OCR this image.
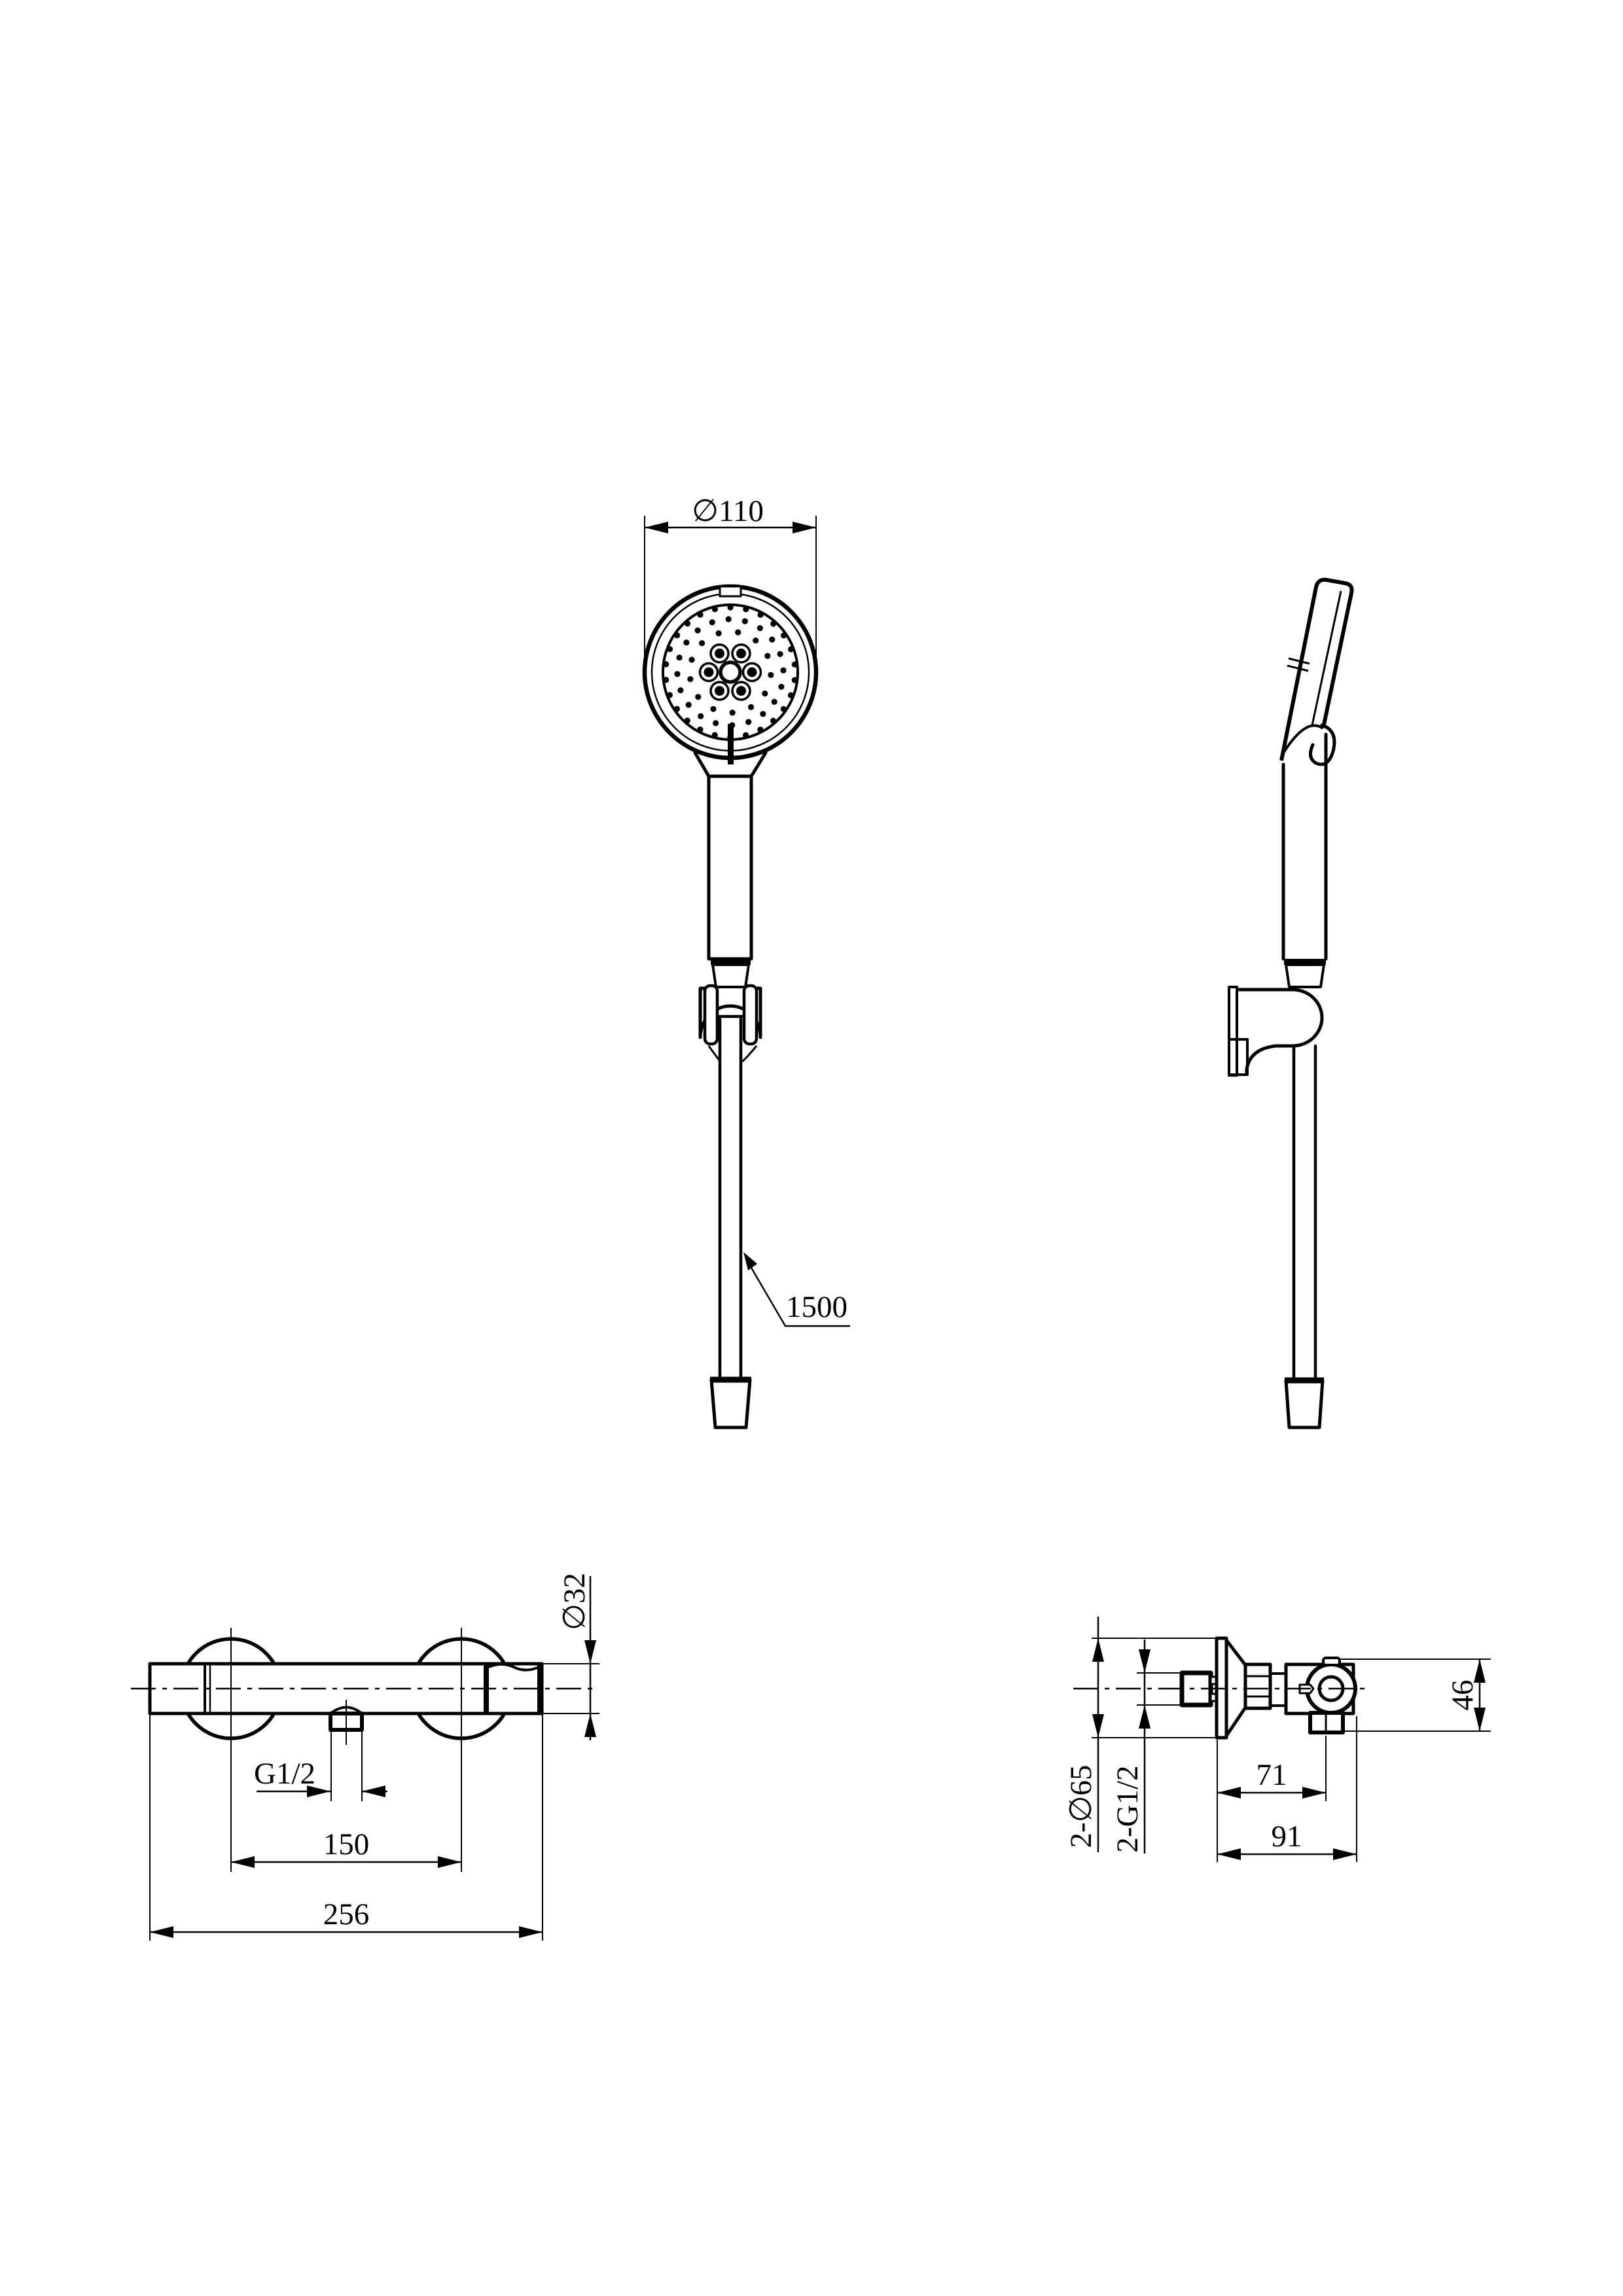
∅110
1500
G1/2
150
256
∅32
2-∅65 2-G1/2	71
91
46
